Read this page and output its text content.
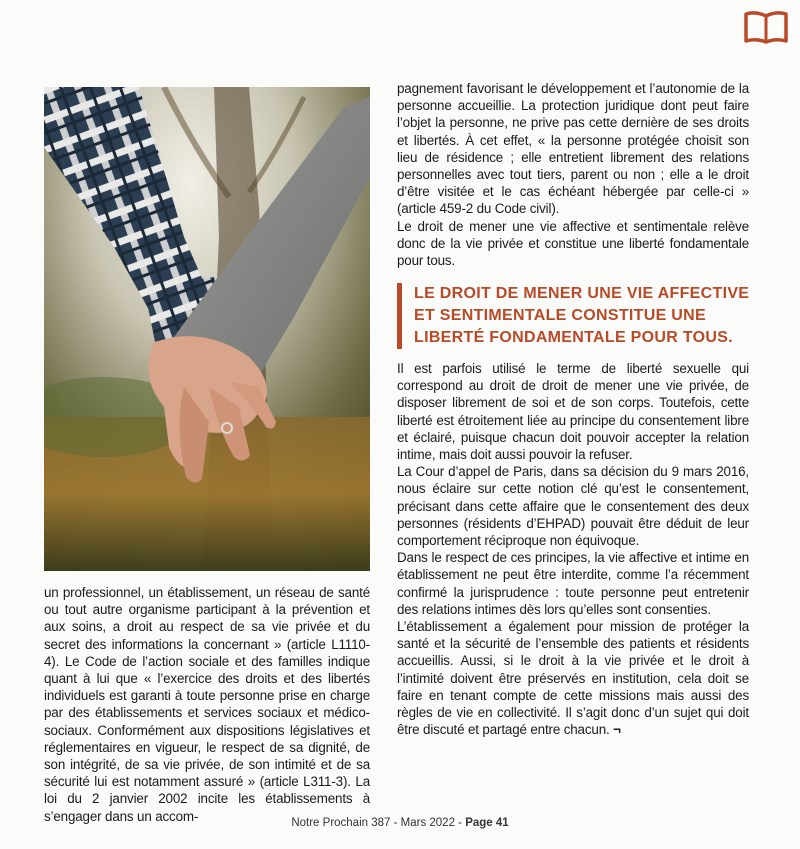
un professionnel, un établissement, un réseau de santé ou tout autre organisme participant à la prévention et aux soins, a droit au respect de sa vie privée et du secret des informations la concernant » (article L1110-4). Le Code de l’action sociale et des familles indique quant à lui que « l’exercice des droits et des libertés individuels est garanti à toute personne prise en charge par des établissements et services sociaux et médico-sociaux. Conformément aux dispositions législatives et réglementaires en vigueur, le respect de sa dignité, de son intégrité, de sa vie privée, de son intimité et de sa sécurité lui est notamment assuré » (article L311-3). La loi du 2 janvier 2002 incite les établissements à s’engager dans un accom-

pagnement favorisant le développement et l’autonomie de la personne accueillie. La protection juridique dont peut faire l’objet la personne, ne prive pas cette dernière de ses droits et libertés. À cet effet, « la personne protégée choisit son lieu de résidence ; elle entretient librement des relations personnelles avec tout tiers, parent ou non ; elle a le droit d’être visitée et le cas échéant hébergée par celle-ci » (article 459-2 du Code civil).

Le droit de mener une vie affective et sentimentale relève donc de la vie privée et constitue une liberté fondamentale pour tous.

LE DROIT DE MENER UNE VIE AFFECTIVE ET SENTIMENTALE CONSTITUE UNE LIBERTÉ FONDAMENTALE POUR TOUS.

Il est parfois utilisé le terme de liberté sexuelle qui correspond au droit de droit de mener une vie privée, de disposer librement de soi et de son corps. Toutefois, cette liberté est étroitement liée au principe du consentement libre et éclairé, puisque chacun doit pouvoir accepter la relation intime, mais doit aussi pouvoir la refuser.

La Cour d’appel de Paris, dans sa décision du 9 mars 2016, nous éclaire sur cette notion clé qu’est le consentement, précisant dans cette affaire que le consentement des deux personnes (résidents d’EHPAD) pouvait être déduit de leur comportement réciproque non équivoque.

Dans le respect de ces principes, la vie affective et intime en établissement ne peut être interdite, comme l’a récemment confirmé la jurisprudence : toute personne peut entretenir des relations intimes dès lors qu’elles sont consenties.

L’établissement a également pour mission de protéger la santé et la sécurité de l’ensemble des patients et résidents accueillis. Aussi, si le droit à la vie privée et le droit à l’intimité doivent être préservés en institution, cela doit se faire en tenant compte de cette missions mais aussi des règles de vie en collectivité. Il s’agit donc d’un sujet qui doit être discuté et partagé entre chacun. ¬

Notre Prochain 387 - Mars 2022 - Page 41
